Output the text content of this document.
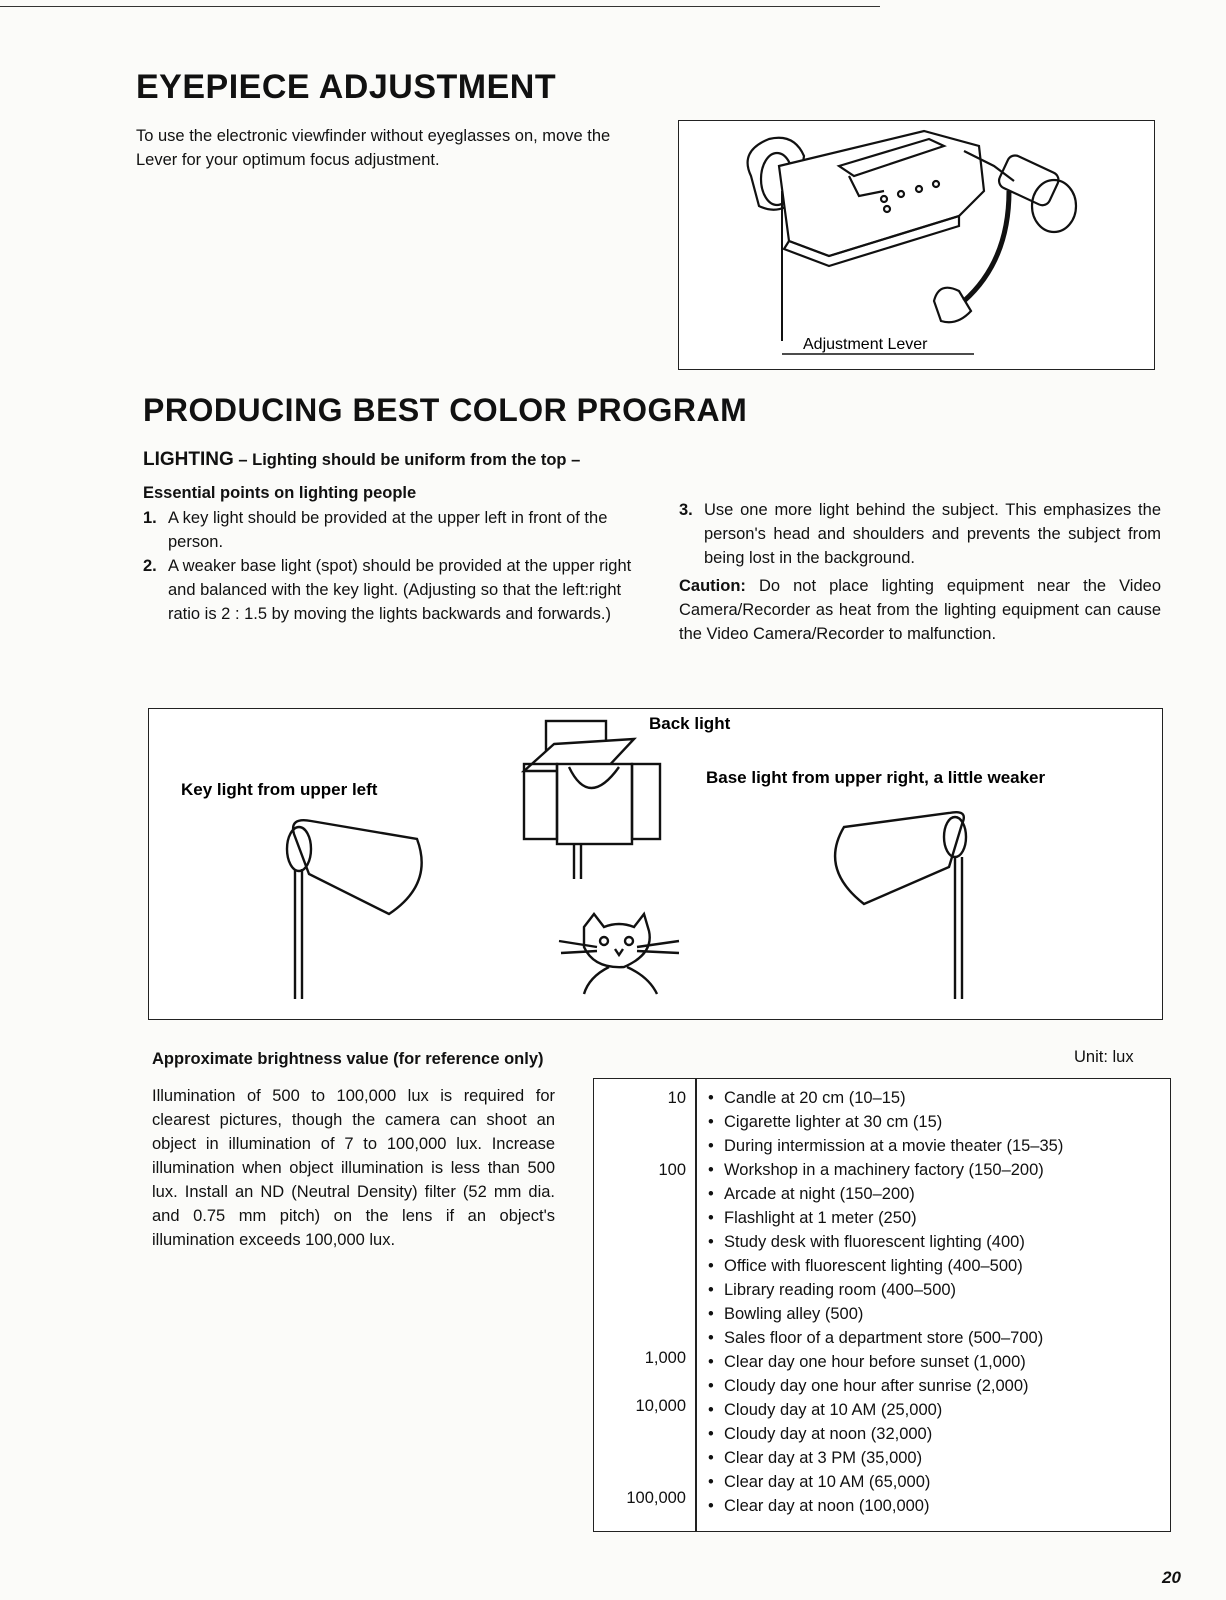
EYEPIECE ADJUSTMENT

To use the electronic viewfinder without eyeglasses on, move the Lever for your optimum focus adjustment.

Adjustment Lever
PRODUCING BEST COLOR PROGRAM
LIGHTING – Lighting should be uniform from the top –
Essential points on lighting people
1. A key light should be provided at the upper left in front of the person.
2. A weaker base light (spot) should be provided at the upper right and balanced with the key light. (Adjusting so that the left:right ratio is 2 : 1.5 by moving the lights backwards and forwards.)
3. Use one more light behind the subject. This emphasizes the person's head and shoulders and prevents the subject from being lost in the background.

Caution: Do not place lighting equipment near the Video Camera/Recorder as heat from the lighting equipment can cause the Video Camera/Recorder to malfunction.

Back light
Key light from upper left
Base light from upper right, a little weaker
Approximate brightness value (for reference only)	Unit: lux

Illumination of 500 to 100,000 lux is required for clearest pictures, though the camera can shoot an object in illumination of 7 to 100,000 lux. Increase illumination when object illumination is less than 500 lux. Install an ND (Neutral Density) filter (52 mm dia. and 0.75 mm pitch) on the lens if an object's illumination exceeds 100,000 lux.

10
100
1,000
10,000
100,000
• Candle at 20 cm (10–15)
• Cigarette lighter at 30 cm (15)
• During intermission at a movie theater (15–35)
• Workshop in a machinery factory (150–200)
• Arcade at night (150–200)
• Flashlight at 1 meter (250)
• Study desk with fluorescent lighting (400)
• Office with fluorescent lighting (400–500)
• Library reading room (400–500)
• Bowling alley (500)
• Sales floor of a department store (500–700)
• Clear day one hour before sunset (1,000)
• Cloudy day one hour after sunrise (2,000)
• Cloudy day at 10 AM (25,000)
• Cloudy day at noon (32,000)
• Clear day at 3 PM (35,000)
• Clear day at 10 AM (65,000)
• Clear day at noon (100,000)
20
